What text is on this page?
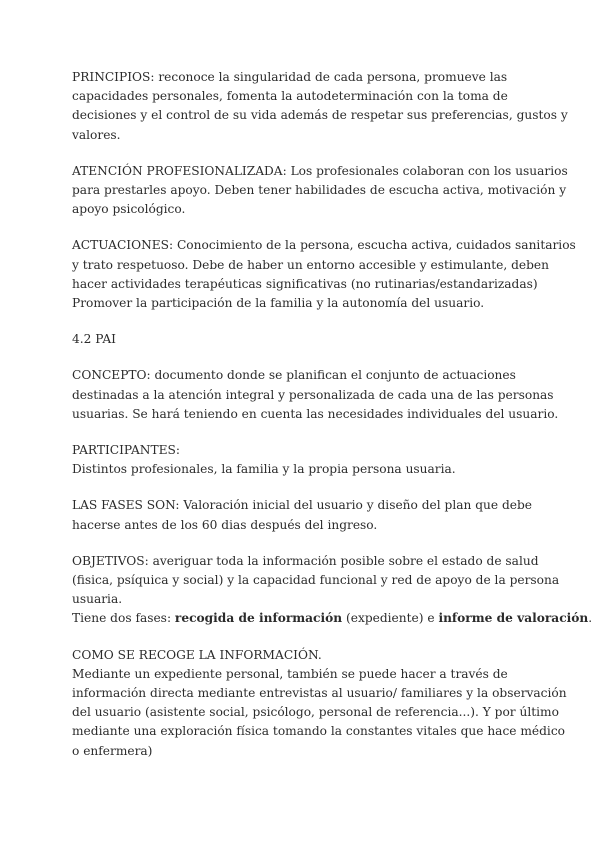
PRINCIPIOS: reconoce la singularidad de cada persona, promueve las
capacidades personales, fomenta la autodeterminación con la toma de
decisiones y el control de su vida además de respetar sus preferencias, gustos y
valores.

ATENCIÓN PROFESIONALIZADA: Los profesionales colaboran con los usuarios
para prestarles apoyo. Deben tener habilidades de escucha activa, motivación y
apoyo psicológico.

ACTUACIONES: Conocimiento de la persona, escucha activa, cuidados sanitarios
y trato respetuoso. Debe de haber un entorno accesible y estimulante, deben
hacer actividades terapéuticas significativas (no rutinarias/estandarizadas)
Promover la participación de la familia y la autonomía del usuario.

4.2 PAI

CONCEPTO: documento donde se planifican el conjunto de actuaciones
destinadas a la atención integral y personalizada de cada una de las personas
usuarias. Se hará teniendo en cuenta las necesidades individuales del usuario.

PARTICIPANTES:
Distintos profesionales, la familia y la propia persona usuaria.

LAS FASES SON: Valoración inicial del usuario y diseño del plan que debe
hacerse antes de los 60 dias después del ingreso.

OBJETIVOS: averiguar toda la información posible sobre el estado de salud
(fisica, psíquica y social) y la capacidad funcional y red de apoyo de la persona
usuaria.
Tiene dos fases: recogida de información (expediente) e informe de valoración.

COMO SE RECOGE LA INFORMACIÓN.
Mediante un expediente personal, también se puede hacer a través de
información directa mediante entrevistas al usuario/ familiares y la observación
del usuario (asistente social, psicólogo, personal de referencia...). Y por último
mediante una exploración física tomando la constantes vitales que hace médico
o enfermera)
